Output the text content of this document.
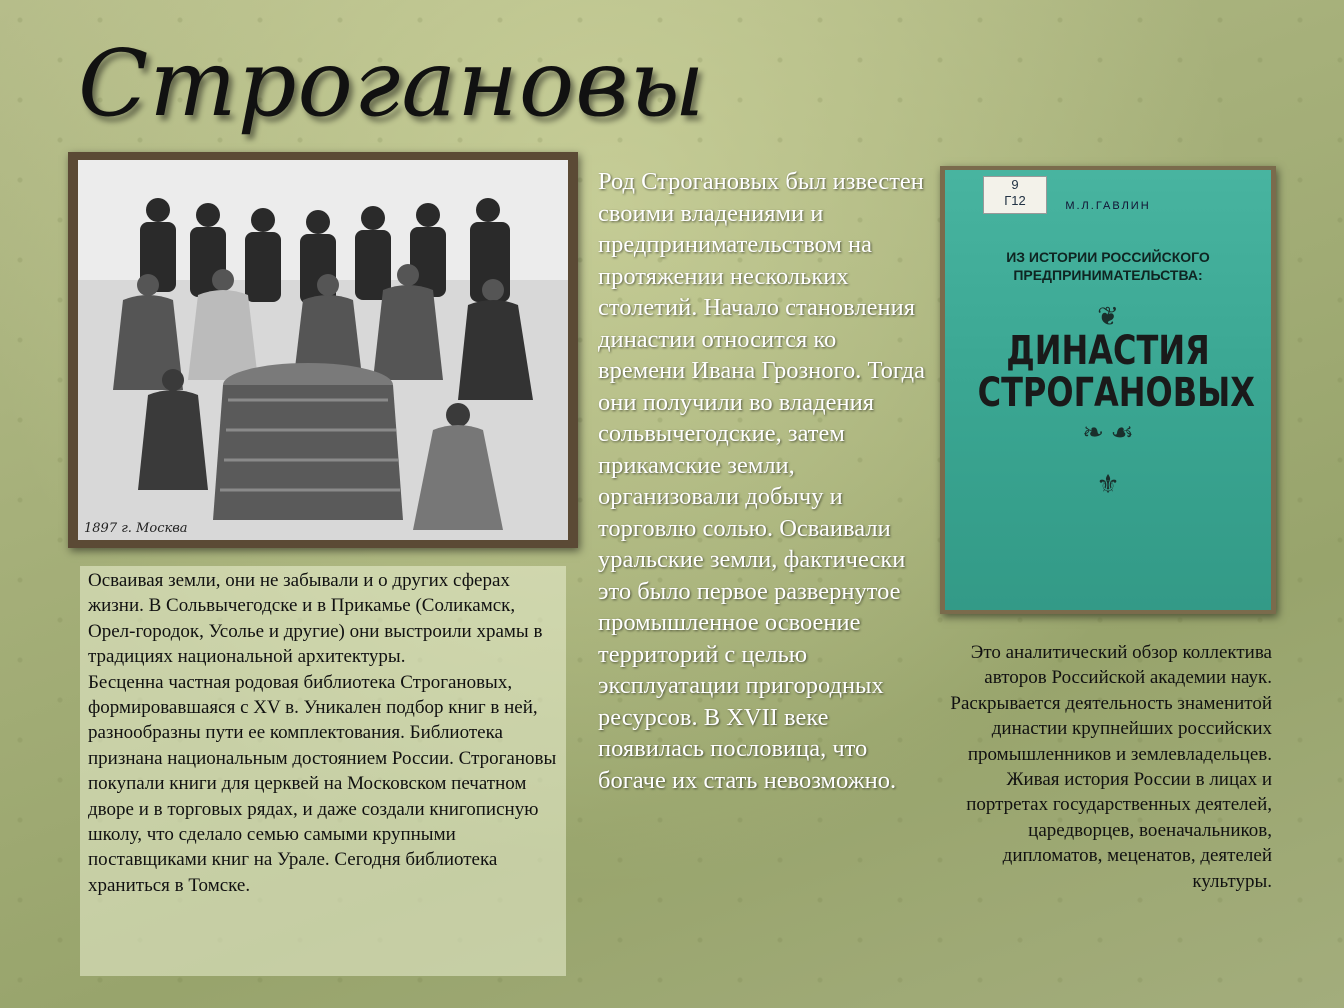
Строгановы
1897 г. Москва

Осваивая земли, они не забывали и о других сферах жизни. В Сольвычегодске и в Прикамье (Соликамск, Орел-городок, Усолье и другие) они выстроили храмы в традициях национальной архитектуры.

Бесценна частная родовая библиотека Строгановых, формировавшаяся с XV в. Уникален подбор книг в ней, разнообразны пути ее комплектования. Библиотека признана национальным достоянием России. Строгановы покупали книги для церквей на Московском печатном дворе и в торговых рядах, и даже создали книгописную школу, что сделало семью самыми крупными поставщиками книг на Урале. Сегодня библиотека храниться в Томске.

Род Строгановых был известен своими владениями и предпринимательством на протяжении нескольких столетий. Начало становления династии относится ко времени Ивана Грозного. Тогда они получили во владения сольвычегодские, затем прикамские земли, организовали добычу и торговлю солью. Осваивали уральские земли, фактически это было первое развернутое промышленное освоение территорий с целью эксплуатации пригородных ресурсов. В XVII веке появилась пословица, что богаче их стать невозможно.
9
Г12	М.Л.ГАВЛИН
ИЗ ИСТОРИИ РОССИЙСКОГО ПРЕДПРИНИМАТЕЛЬСТВА:
❦
ДИНАСТИЯ
СТРОГАНОВЫХ
❧ ☙
⚜
Это аналитический обзор коллектива авторов Российской академии наук. Раскрывается деятельность знаменитой династии крупнейших российских промышленников и землевладельцев. Живая история России в лицах и портретах государственных деятелей, царедворцев, военачальников, дипломатов, меценатов, деятелей культуры.
